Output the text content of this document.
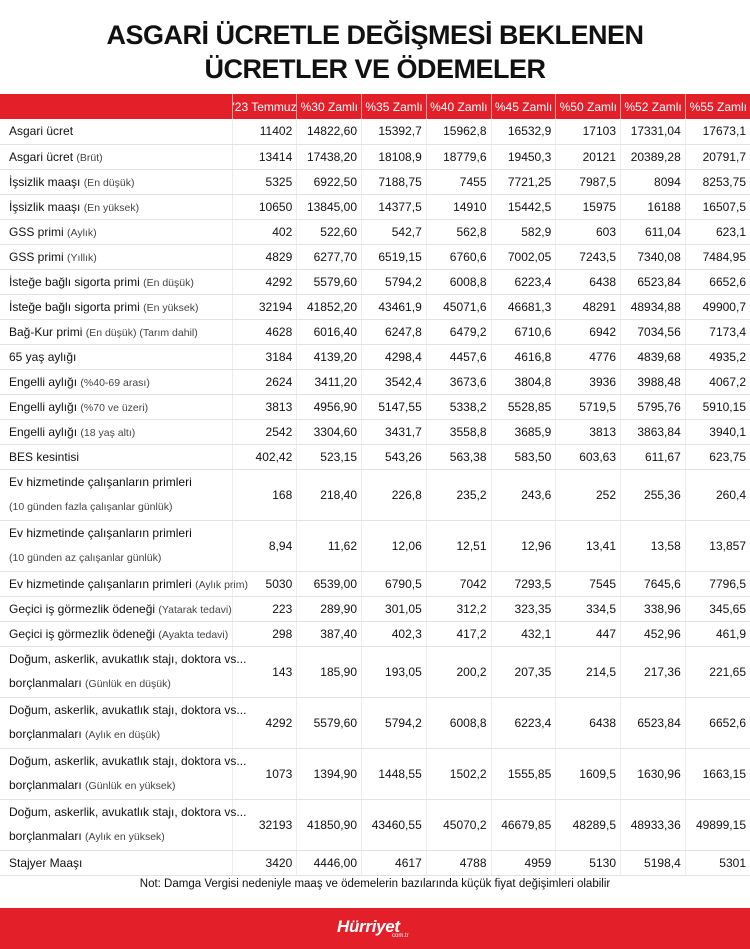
ASGARİ ÜCRETLE DEĞİŞMESİ BEKLENEN
ÜCRETLER VE ÖDEMELER
	'23 Temmuz	%30 Zamlı	%35 Zamlı	%40 Zamlı	%45 Zamlı	%50 Zamlı	%52 Zamlı	%55 Zamlı
Asgari ücret	11402	14822,60	15392,7	15962,8	16532,9	17103	17331,04	17673,1
Asgari ücret (Brüt)	13414	17438,20	18108,9	18779,6	19450,3	20121	20389,28	20791,7
İşsizlik maaşı (En düşük)	5325	6922,50	7188,75	7455	7721,25	7987,5	8094	8253,75
İşsizlik maaşı (En yüksek)	10650	13845,00	14377,5	14910	15442,5	15975	16188	16507,5
GSS primi (Aylık)	402	522,60	542,7	562,8	582,9	603	611,04	623,1
GSS primi (Yıllık)	4829	6277,70	6519,15	6760,6	7002,05	7243,5	7340,08	7484,95
İsteğe bağlı sigorta primi (En düşük)	4292	5579,60	5794,2	6008,8	6223,4	6438	6523,84	6652,6
İsteğe bağlı sigorta primi (En yüksek)	32194	41852,20	43461,9	45071,6	46681,3	48291	48934,88	49900,7
Bağ-Kur primi (En düşük) (Tarım dahil)	4628	6016,40	6247,8	6479,2	6710,6	6942	7034,56	7173,4
65 yaş aylığı	3184	4139,20	4298,4	4457,6	4616,8	4776	4839,68	4935,2
Engelli aylığı (%40-69 arası)	2624	3411,20	3542,4	3673,6	3804,8	3936	3988,48	4067,2
Engelli aylığı (%70 ve üzeri)	3813	4956,90	5147,55	5338,2	5528,85	5719,5	5795,76	5910,15
Engelli aylığı (18 yaş altı)	2542	3304,60	3431,7	3558,8	3685,9	3813	3863,84	3940,1
BES kesintisi	402,42	523,15	543,26	563,38	583,50	603,63	611,67	623,75

Ev hizmetinde çalışanların primleri
(10 günden fazla çalışanlar günlük)	168	218,40	226,8	235,2	243,6	252	255,36	260,4

Ev hizmetinde çalışanların primleri
(10 günden az çalışanlar günlük)	8,94	11,62	12,06	12,51	12,96	13,41	13,58	13,857
Ev hizmetinde çalışanların primleri (Aylık prim)	5030	6539,00	6790,5	7042	7293,5	7545	7645,6	7796,5
Geçici iş görmezlik ödeneği (Yatarak tedavi)	223	289,90	301,05	312,2	323,35	334,5	338,96	345,65
Geçici iş görmezlik ödeneği (Ayakta tedavi)	298	387,40	402,3	417,2	432,1	447	452,96	461,9

Doğum, askerlik, avukatlık stajı, doktora vs...
borçlanmaları (Günlük en düşük)	143	185,90	193,05	200,2	207,35	214,5	217,36	221,65

Doğum, askerlik, avukatlık stajı, doktora vs...
borçlanmaları (Aylık en düşük)	4292	5579,60	5794,2	6008,8	6223,4	6438	6523,84	6652,6

Doğum, askerlik, avukatlık stajı, doktora vs...
borçlanmaları (Günlük en yüksek)	1073	1394,90	1448,55	1502,2	1555,85	1609,5	1630,96	1663,15

Doğum, askerlik, avukatlık stajı, doktora vs...
borçlanmaları (Aylık en yüksek)	32193	41850,90	43460,55	45070,2	46679,85	48289,5	48933,36	49899,15
Stajyer Maaşı	3420	4446,00	4617	4788	4959	5130	5198,4	5301
Not: Damga Vergisi nedeniyle maaş ve ödemelerin bazılarında küçük fiyat değişimleri olabilir
Hürriyet
com.tr
